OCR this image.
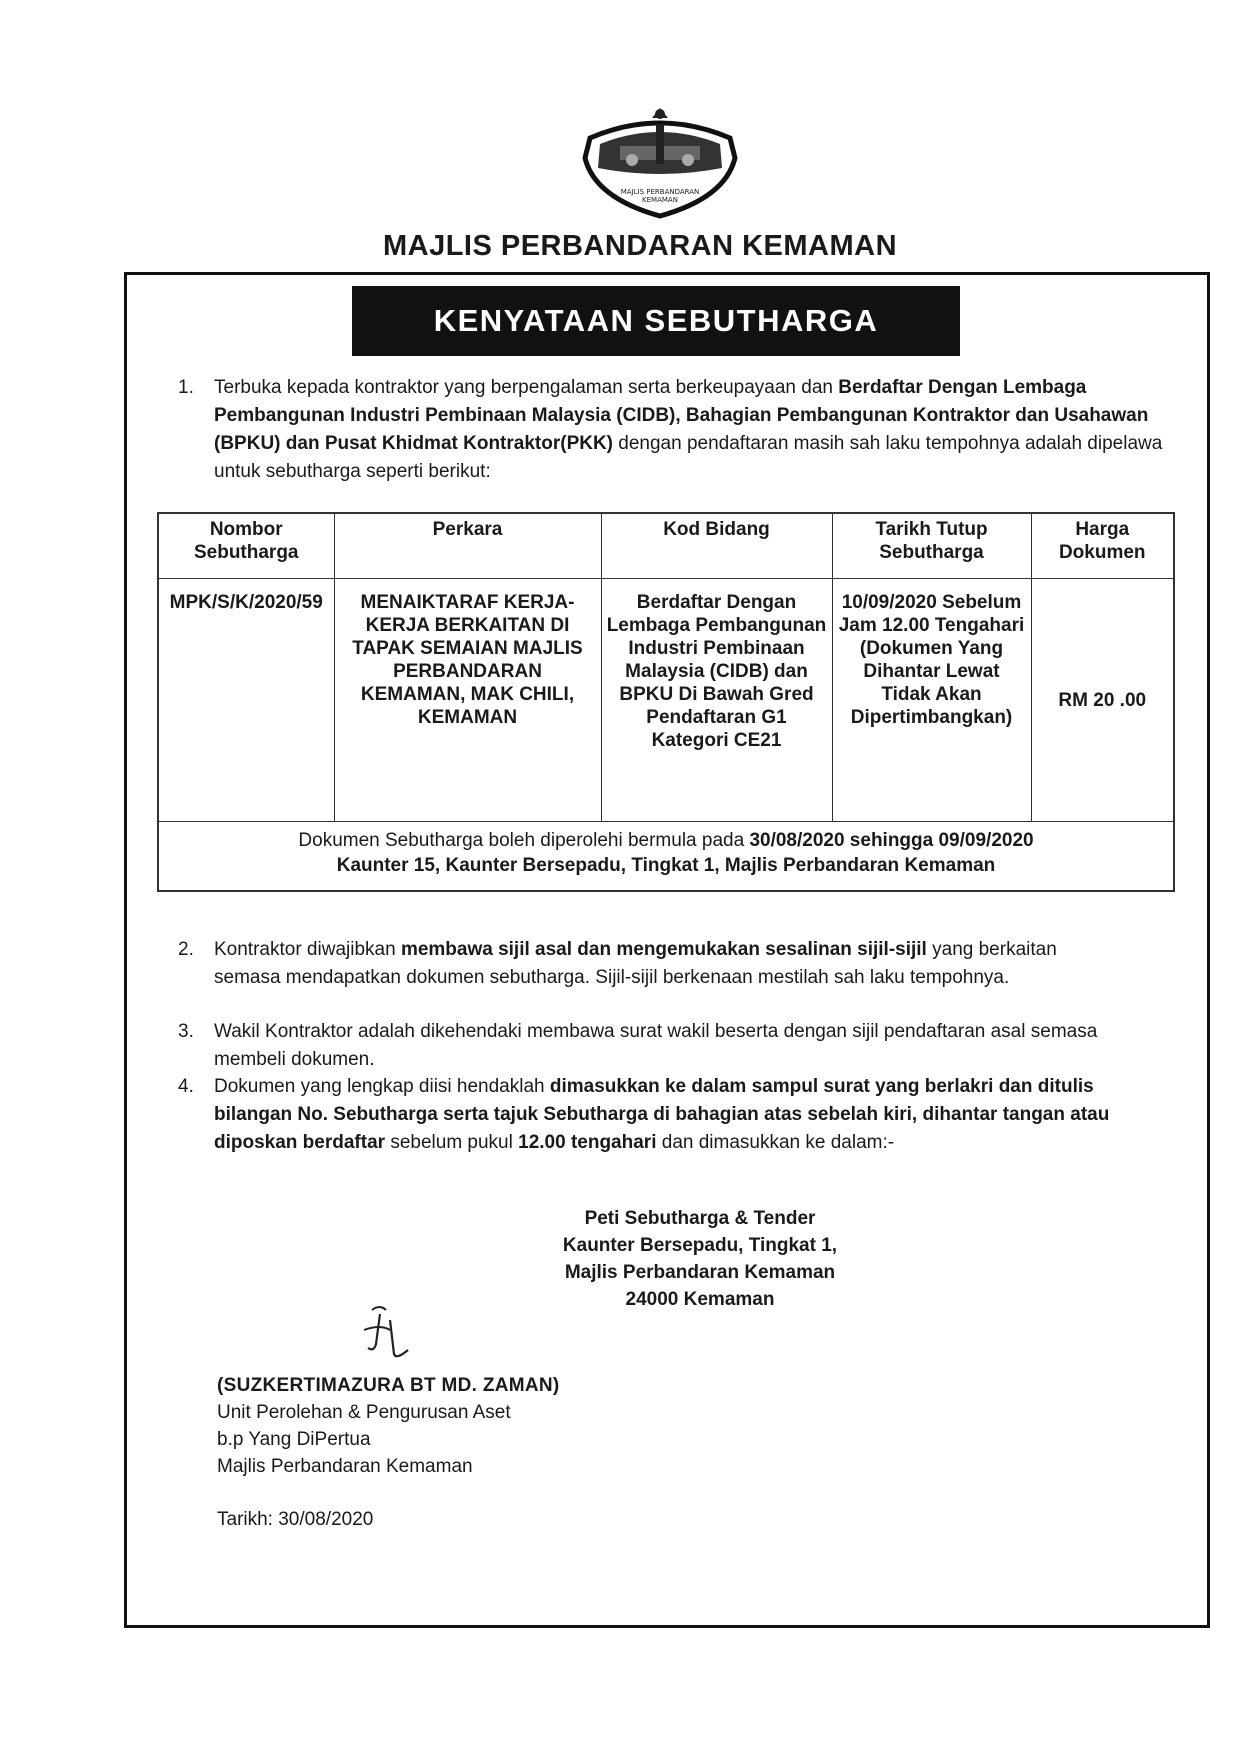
MAJLIS PERBANDARAN
KEMAMAN
MAJLIS PERBANDARAN KEMAMAN
KENYATAAN SEBUTHARGA
1. Terbuka kepada kontraktor yang berpengalaman serta berkeupayaan dan Berdaftar Dengan Lembaga Pembangunan Industri Pembinaan Malaysia (CIDB), Bahagian Pembangunan Kontraktor dan Usahawan (BPKU) dan Pusat Khidmat Kontraktor(PKK) dengan pendaftaran masih sah laku tempohnya adalah dipelawa untuk sebutharga seperti berikut:
Nombor Sebutharga	Perkara	Kod Bidang	Tarikh Tutup Sebutharga	Harga Dokumen
MPK/S/K/2020/59	MENAIKTARAF KERJA-KERJA BERKAITAN DI TAPAK SEMAIAN MAJLIS PERBANDARAN KEMAMAN, MAK CHILI, KEMAMAN	Berdaftar Dengan Lembaga Pembangunan Industri Pembinaan Malaysia (CIDB) dan BPKU Di Bawah Gred Pendaftaran G1 Kategori CE21	10/09/2020 Sebelum Jam 12.00 Tengahari (Dokumen Yang Dihantar Lewat Tidak Akan Dipertimbangkan)	RM 20 .00
Dokumen Sebutharga boleh diperolehi bermula pada 30/08/2020 sehingga 09/09/2020
Kaunter 15, Kaunter Bersepadu, Tingkat 1, Majlis Perbandaran Kemaman
2. Kontraktor diwajibkan membawa sijil asal dan mengemukakan sesalinan sijil-sijil yang berkaitan semasa mendapatkan dokumen sebutharga. Sijil-sijil berkenaan mestilah sah laku tempohnya.
3. Wakil Kontraktor adalah dikehendaki membawa surat wakil beserta dengan sijil pendaftaran asal semasa membeli dokumen.
4. Dokumen yang lengkap diisi hendaklah dimasukkan ke dalam sampul surat yang berlakri dan ditulis bilangan No. Sebutharga serta tajuk Sebutharga di bahagian atas sebelah kiri, dihantar tangan atau diposkan berdaftar sebelum pukul 12.00 tengahari dan dimasukkan ke dalam:-
Peti Sebutharga & Tender
Kaunter Bersepadu, Tingkat 1,
Majlis Perbandaran Kemaman
24000 Kemaman
(SUZKERTIMAZURA BT MD. ZAMAN)
Unit Perolehan & Pengurusan Aset
b.p Yang DiPertua
Majlis Perbandaran Kemaman
Tarikh: 30/08/2020
